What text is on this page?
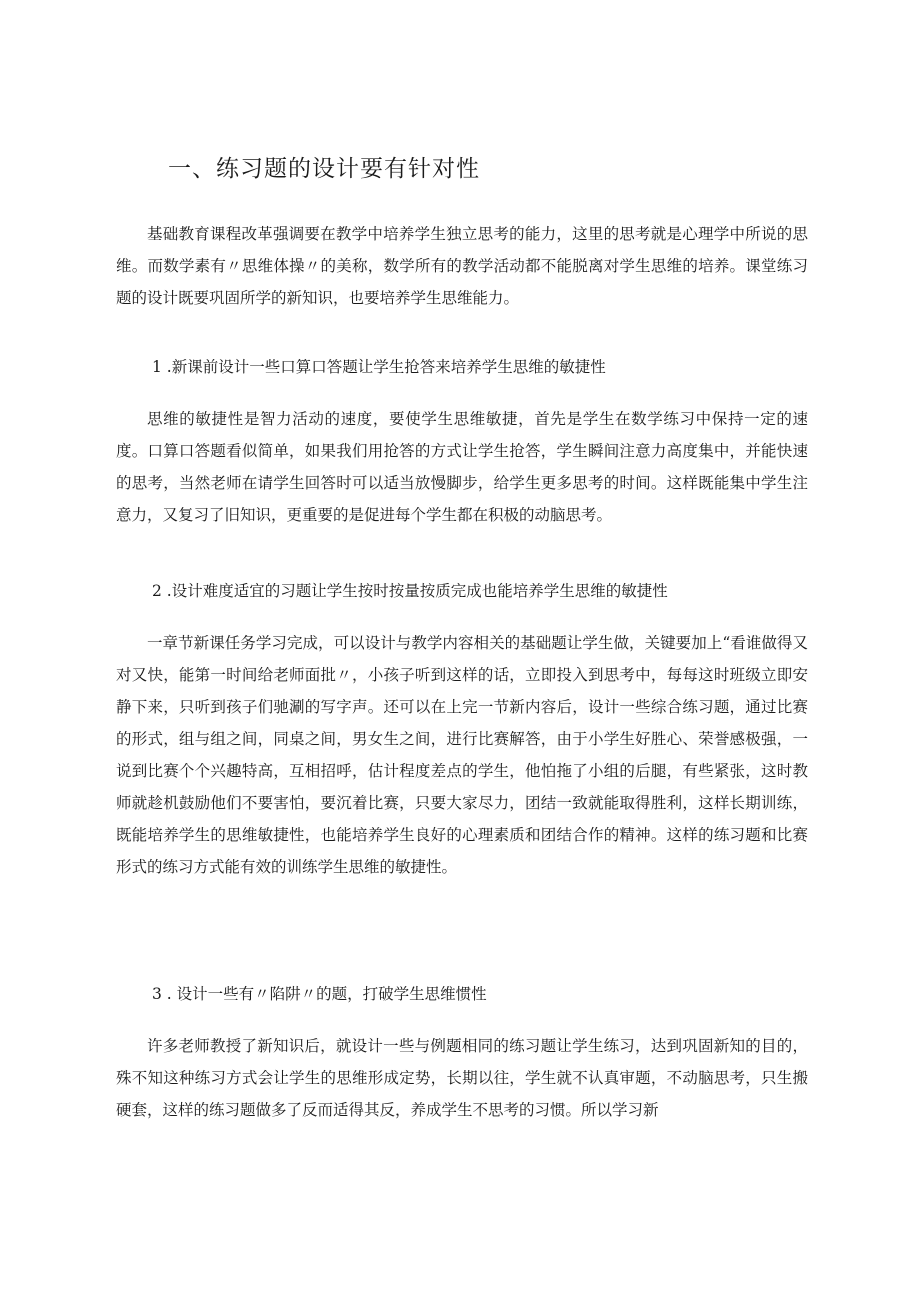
一、练习题的设计要有针对性

基础教育课程改革强调要在教学中培养学生独立思考的能力，这里的思考就是心理学中所说的思维。而数学素有〃思维体操〃的美称，数学所有的教学活动都不能脱离对学生思维的培养。课堂练习题的设计既要巩固所学的新知识，也要培养学生思维能力。

1 .新课前设计一些口算口答题让学生抢答来培养学生思维的敏捷性

思维的敏捷性是智力活动的速度，要使学生思维敏捷，首先是学生在数学练习中保持一定的速度。口算口答题看似简单，如果我们用抢答的方式让学生抢答，学生瞬间注意力高度集中，并能快速的思考，当然老师在请学生回答时可以适当放慢脚步，给学生更多思考的时间。这样既能集中学生注意力，又复习了旧知识，更重要的是促进每个学生都在积极的动脑思考。

2 .设计难度适宜的习题让学生按时按量按质完成也能培养学生思维的敏捷性

一章节新课任务学习完成，可以设计与教学内容相关的基础题让学生做，关键要加上“看谁做得又对又快，能第一时间给老师面批〃，小孩子听到这样的话，立即投入到思考中，每每这时班级立即安静下来，只听到孩子们驰涮的写字声。还可以在上完一节新内容后，设计一些综合练习题，通过比赛的形式，组与组之间，同桌之间，男女生之间，进行比赛解答，由于小学生好胜心、荣誉感极强，一说到比赛个个兴趣特高，互相招呼，估计程度差点的学生，他怕拖了小组的后腿，有些紧张，这时教师就趁机鼓励他们不要害怕，要沉着比赛，只要大家尽力，团结一致就能取得胜利，这样长期训练，既能培养学生的思维敏捷性，也能培养学生良好的心理素质和团结合作的精神。这样的练习题和比赛形式的练习方式能有效的训练学生思维的敏捷性。

3 . 设计一些有〃陷阱〃的题，打破学生思维惯性

许多老师教授了新知识后，就设计一些与例题相同的练习题让学生练习，达到巩固新知的目的，殊不知这种练习方式会让学生的思维形成定势，长期以往，学生就不认真审题，不动脑思考，只生搬硬套，这样的练习题做多了反而适得其反，养成学生不思考的习惯。所以学习新
